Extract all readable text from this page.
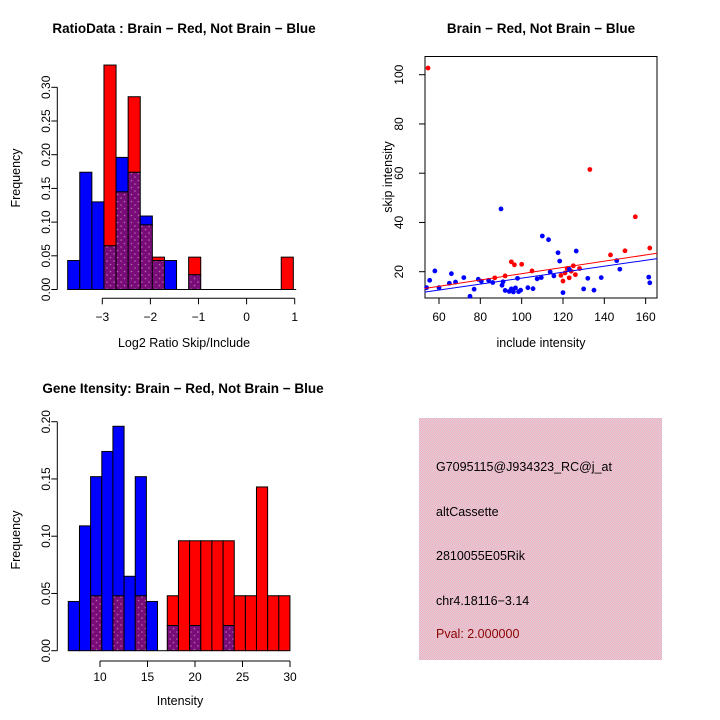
0.00
0.05
0.10
0.15
0.20
0.25
0.30
−3	−2	−1	0	1	60 80 100 120 140 160
20
40
60
80
100
0.00
0.05
0.10
0.15
0.20
10	15	20	25	30
RatioData : Brain − Red, Not Brain − Blue	Brain − Red, Not Brain − Blue
Gene Itensity: Brain − Red, Not Brain − Blue
Log2 Ratio Skip/Include	include intensity
Intensity
Frequency	skip intensity
Frequency
G7095115@J934323_RC@j_at
altCassette
2810055E05Rik
chr4.18116−3.14
Pval: 2.000000
